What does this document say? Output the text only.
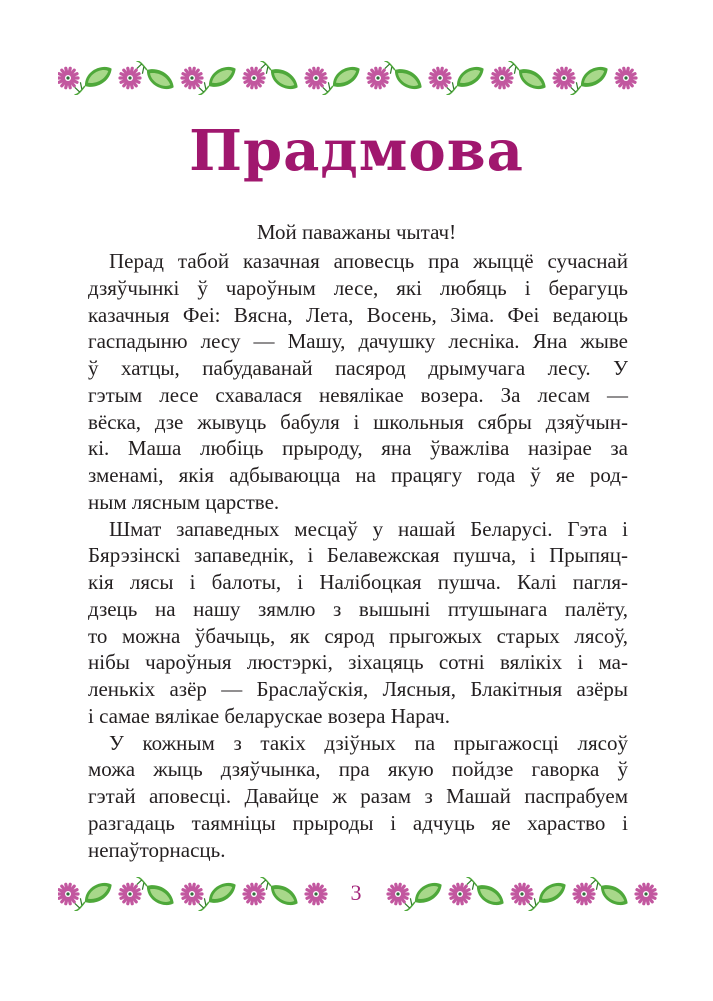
Прадмова
Мой паважаны чытач!
Перад табой казачная аповесць пра жыццё сучаснай
дзяўчынкі ў чароўным лесе, які любяць і берагуць
казачныя Феі: Вясна, Лета, Восень, Зіма. Феі ведаюць
гаспадыню лесу — Машу, дачушку лесніка. Яна жыве
ў хатцы, пабудаванай пасярод дрымучага лесу. У
гэтым лесе схавалася невялікае возера. За лесам —
вёска, дзе жывуць бабуля і школьныя сябры дзяўчын-
кі. Маша любіць прыроду, яна ўважліва назірае за
зменамі, якія адбываюцца на працягу года ў яе род-
ным лясным царстве.
Шмат запаведных месцаў у нашай Беларусі. Гэта і
Бярэзінскі запаведнік, і Белавежская пушча, і Прыпяц-
кія лясы і балоты, і Налібоцкая пушча. Калі пагля-
дзець на нашу зямлю з вышыні птушынага палёту,
то можна ўбачыць, як сярод прыгожых старых лясоў,
нібы чароўныя люстэркі, зіхацяць сотні вялікіх і ма-
ленькіх азёр — Браслаўскія, Лясныя, Блакітныя азёры
і самае вялікае беларускае возера Нарач.
У кожным з такіх дзіўных па прыгажосці лясоў
можа жыць дзяўчынка, пра якую пойдзе гаворка ў
гэтай аповесці. Давайце ж разам з Машай паспрабуем
разгадаць таямніцы прыроды і адчуць яе хараство і
непаўторнасць.
3
